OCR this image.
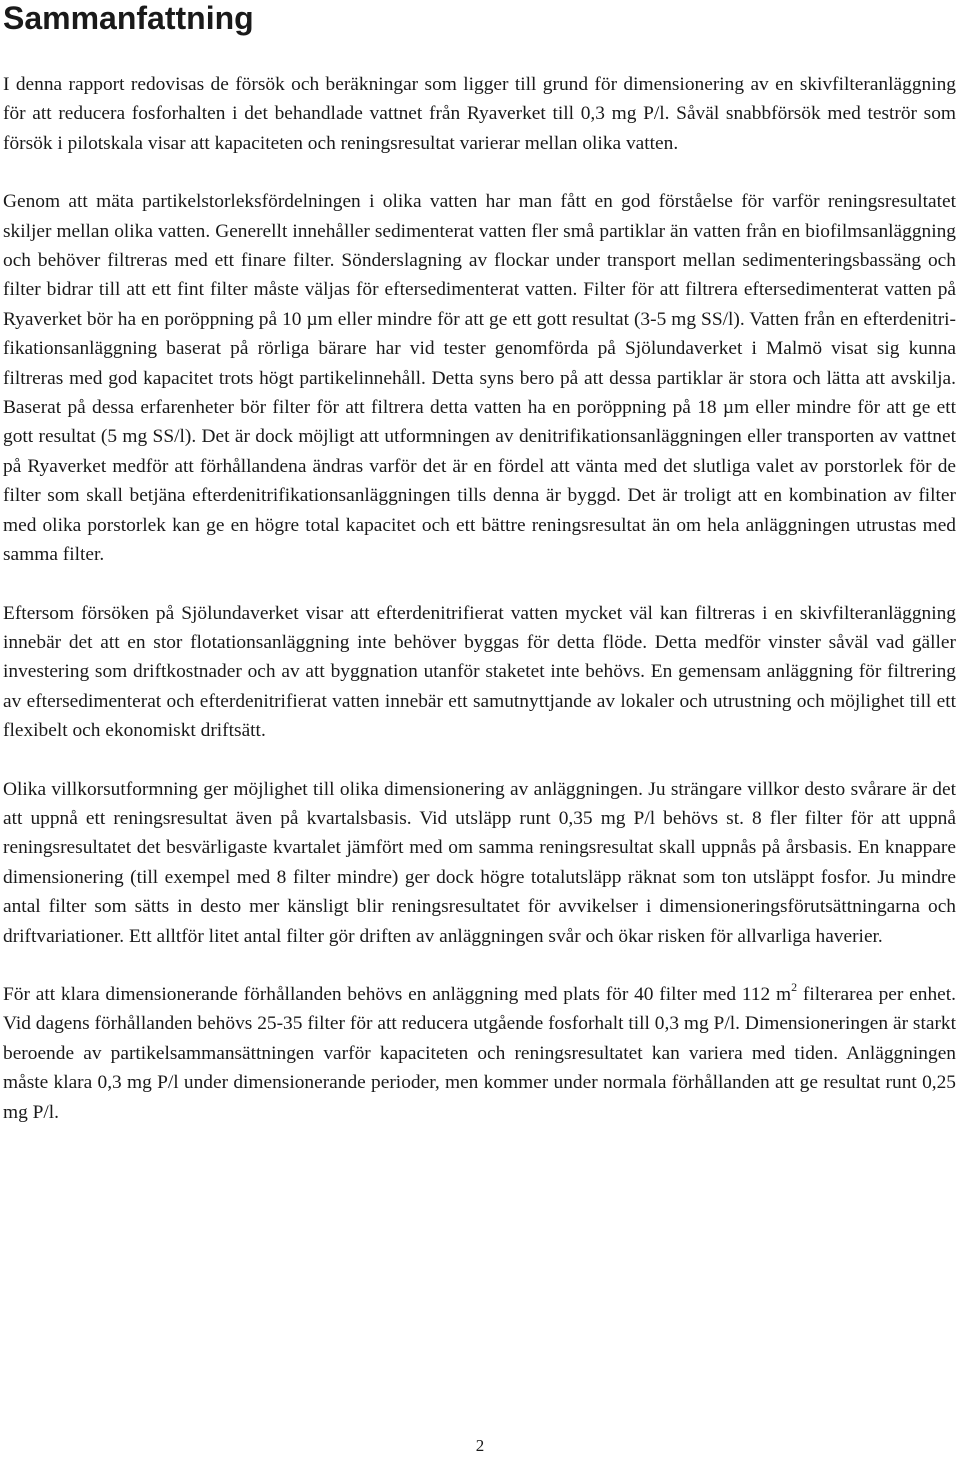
Sammanfattning

I denna rapport redovisas de försök och beräkningar som ligger till grund för dimensionering av en skivfilteranläggning för att reducera fosforhalten i det behandlade vattnet från Ryaverket till 0,3 mg P/l. Såväl snabbförsök med teströr som försök i pilotskala visar att kapaciteten och reningsresultat varierar mellan olika vatten.

Genom att mäta partikelstorleksfördelningen i olika vatten har man fått en god förståelse för varför reningsresultatet skiljer mellan olika vatten. Generellt innehåller sedimenterat vatten fler små partiklar än vatten från en biofilmsanläggning och behöver filtreras med ett finare filter. Sönderslagning av flockar under transport mellan sedimenteringsbassäng och filter bidrar till att ett fint filter måste väljas för eftersedimenterat vatten. Filter för att filtrera eftersedimenterat vatten på Ryaverket bör ha en poröppning på 10 µm eller mindre för att ge ett gott resultat (3-5 mg SS/l). Vatten från en efterdenitri-fikationsanläggning baserat på rörliga bärare har vid tester genomförda på Sjölundaverket i Malmö visat sig kunna filtreras med god kapacitet trots högt partikelinnehåll. Detta syns bero på att dessa partiklar är stora och lätta att avskilja. Baserat på dessa erfarenheter bör filter för att filtrera detta vatten ha en poröppning på 18 µm eller mindre för att ge ett gott resultat (5 mg SS/l). Det är dock möjligt att utformningen av denitrifikationsanläggningen eller transporten av vattnet på Ryaverket medför att förhållandena ändras varför det är en fördel att vänta med det slutliga valet av porstorlek för de filter som skall betjäna efterdenitrifikationsanläggningen tills denna är byggd. Det är troligt att en kombination av filter med olika porstorlek kan ge en högre total kapacitet och ett bättre reningsresultat än om hela anläggningen utrustas med samma filter.

Eftersom försöken på Sjölundaverket visar att efterdenitrifierat vatten mycket väl kan filtreras i en skivfilteranläggning innebär det att en stor flotationsanläggning inte behöver byggas för detta flöde. Detta medför vinster såväl vad gäller investering som driftkostnader och av att byggnation utanför staketet inte behövs. En gemensam anläggning för filtrering av eftersedimenterat och efterdenitrifierat vatten innebär ett samutnyttjande av lokaler och utrustning och möjlighet till ett flexibelt och ekonomiskt driftsätt.

Olika villkorsutformning ger möjlighet till olika dimensionering av anläggningen. Ju strängare villkor desto svårare är det att uppnå ett reningsresultat även på kvartalsbasis. Vid utsläpp runt 0,35 mg P/l behövs st. 8 fler filter för att uppnå reningsresultatet det besvärligaste kvartalet jämfört med om samma reningsresultat skall uppnås på årsbasis. En knappare dimensionering (till exempel med 8 filter mindre) ger dock högre totalutsläpp räknat som ton utsläppt fosfor. Ju mindre antal filter som sätts in desto mer känsligt blir reningsresultatet för avvikelser i dimensioneringsförutsättningarna och driftvariationer. Ett alltför litet antal filter gör driften av anläggningen svår och ökar risken för allvarliga haverier.

För att klara dimensionerande förhållanden behövs en anläggning med plats för 40 filter med 112 $m^2$ filterarea per enhet. Vid dagens förhållanden behövs 25-35 filter för att reducera utgående fosforhalt till 0,3 mg P/l. Dimensioneringen är starkt beroende av partikelsammansättningen varför kapaciteten och reningsresultatet kan variera med tiden. Anläggningen måste klara 0,3 mg P/l under dimensionerande perioder, men kommer under normala förhållanden att ge resultat runt 0,25 mg P/l.

2
